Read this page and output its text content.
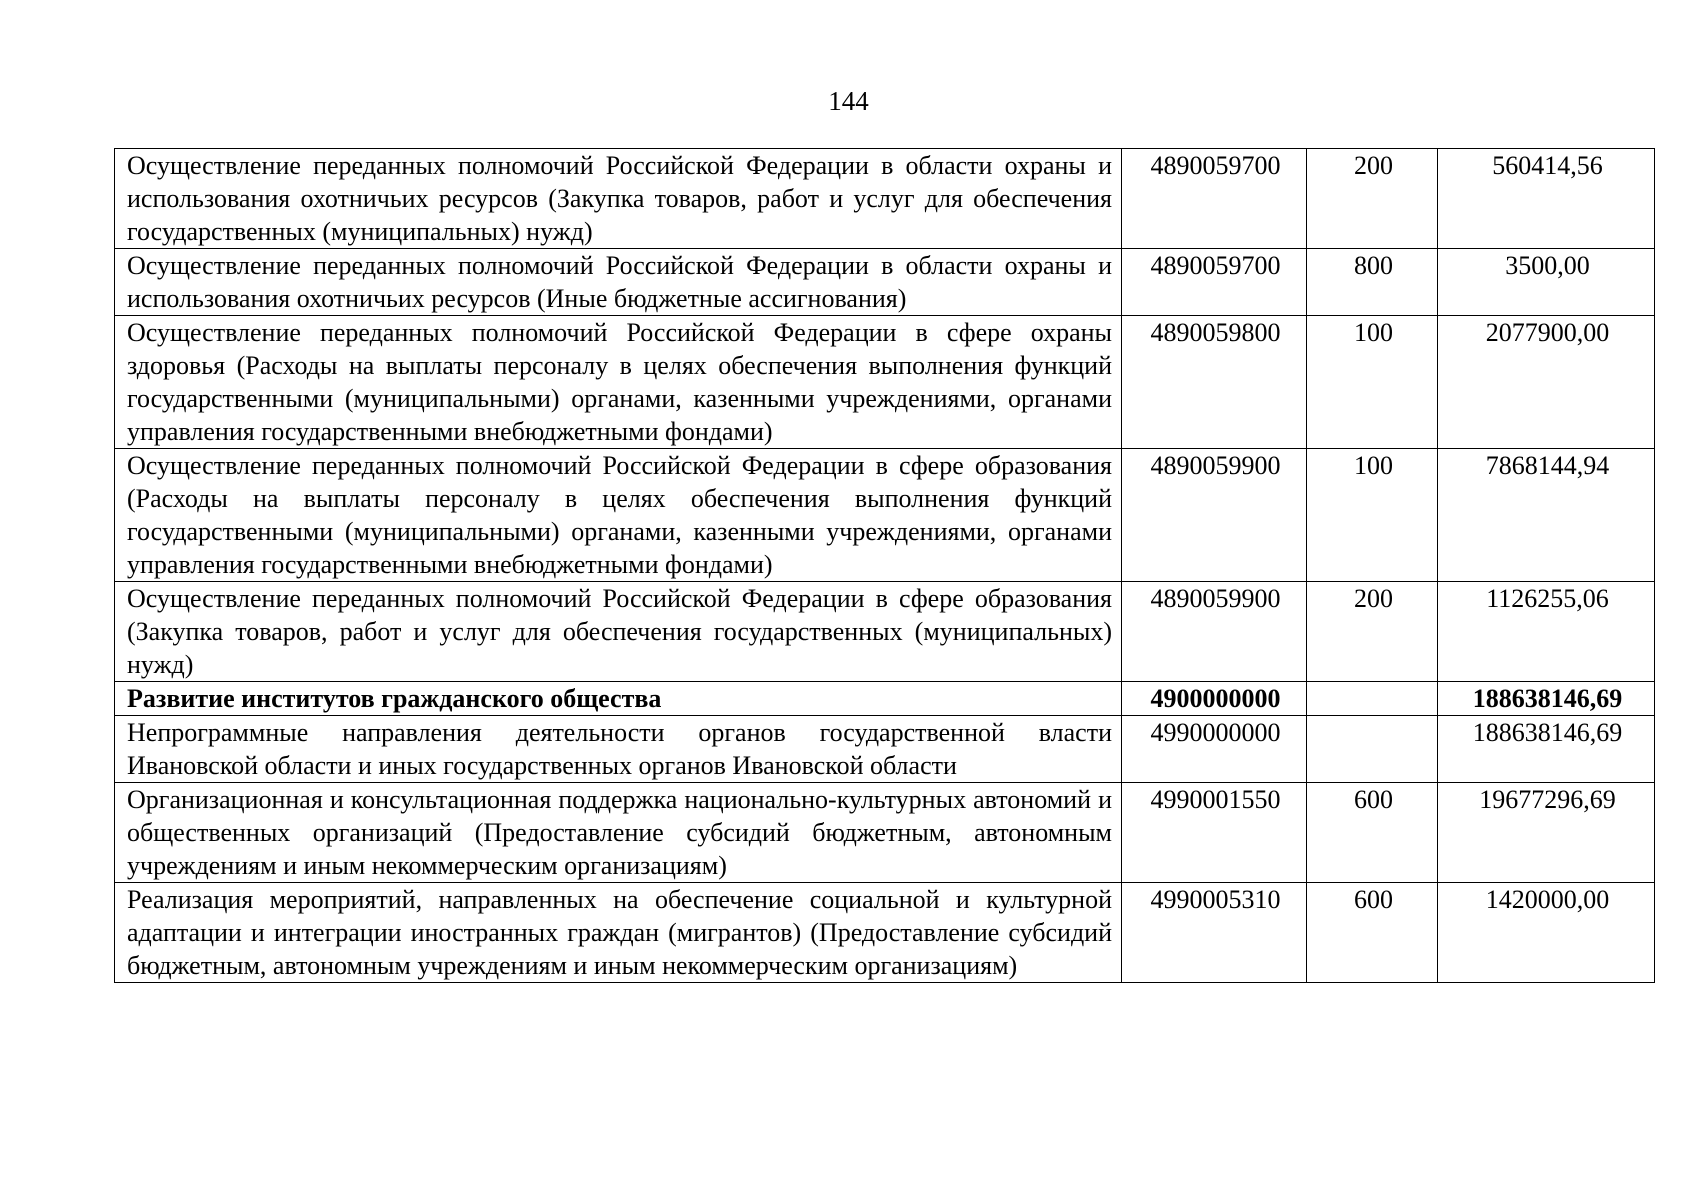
144
Осуществление переданных полномочий Российской Федерации в области охраны и использования охотничьих ресурсов (Закупка товаров, работ и услуг для обеспечения государственных (муниципальных) нужд)	4890059700	200	560414,56
Осуществление переданных полномочий Российской Федерации в области охраны и использования охотничьих ресурсов (Иные бюджетные ассигнования)	4890059700	800	3500,00
Осуществление переданных полномочий Российской Федерации в сфере охраны здоровья (Расходы на выплаты персоналу в целях обеспечения выполнения функций государственными (муниципальными) органами, казенными учреждениями, органами управления государственными внебюджетными фондами)	4890059800	100	2077900,00
Осуществление переданных полномочий Российской Федерации в сфере образования (Расходы на выплаты персоналу в целях обеспечения выполнения функций государственными (муниципальными) органами, казенными учреждениями, органами управления государственными внебюджетными фондами)	4890059900	100	7868144,94
Осуществление переданных полномочий Российской Федерации в сфере образования (Закупка товаров, работ и услуг для обеспечения государственных (муниципальных) нужд)	4890059900	200	1126255,06
Развитие институтов гражданского общества	4900000000		188638146,69
Непрограммные направления деятельности органов государственной власти Ивановской области и иных государственных органов Ивановской области	4990000000		188638146,69
Организационная и консультационная поддержка национально-культурных автономий и общественных организаций (Предоставление субсидий бюджетным, автономным учреждениям и иным некоммерческим организациям)	4990001550	600	19677296,69
Реализация мероприятий, направленных на обеспечение социальной и культурной адаптации и интеграции иностранных граждан (мигрантов) (Предоставление субсидий бюджетным, автономным учреждениям и иным некоммерческим организациям)	4990005310	600	1420000,00
